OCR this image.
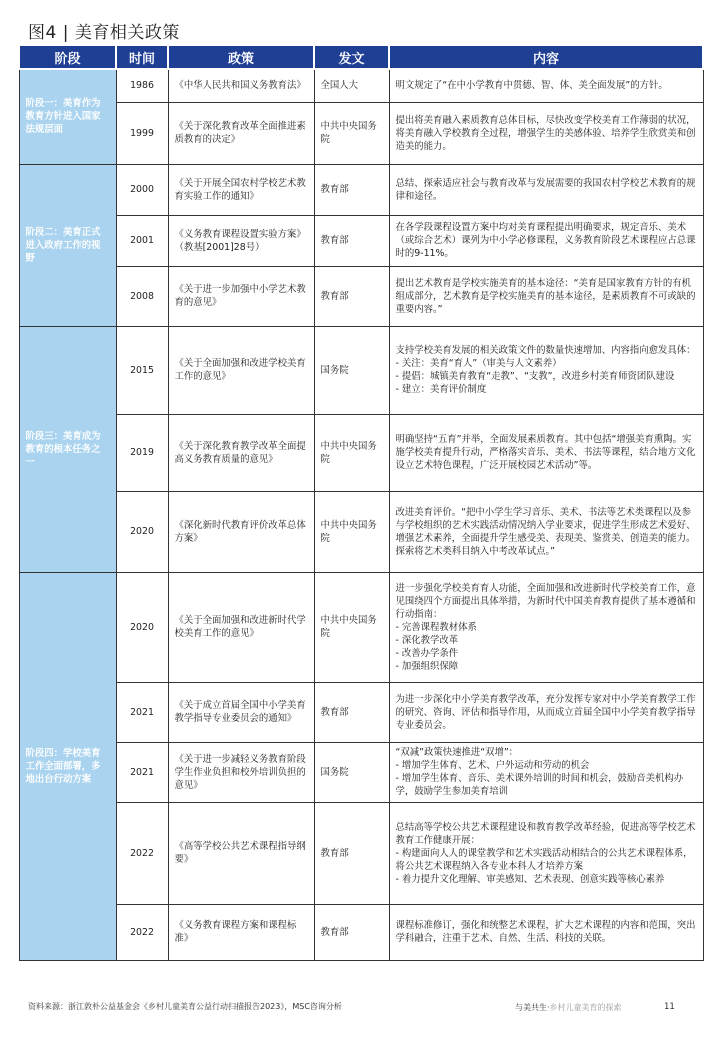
图4 | 美育相关政策
阶段	时间	政策	发文	内容
阶段一：美育作为教育方针进入国家法规层面	1986	《中华人民共和国义务教育法》	全国人大	明文规定了“在中小学教育中贯德、智、体、美全面发展”的方针。

	1999	《关于深化教育改革全面推进素质教育的决定》	中共中央国务院	提出将美育融入素质教育总体目标，尽快改变学校美育工作薄弱的状况，将美育融入学校教育全过程，增强学生的美感体验、培养学生欣赏美和创造美的能力。

阶段二：美育正式进入政府工作的视野	2000	《关于开展全国农村学校艺术教育实验工作的通知》	教育部	总结、探索适应社会与教育改革与发展需要的我国农村学校艺术教育的规律和途径。

	2001	《义务教育课程设置实验方案》（教基[2001]28号）	教育部	在各学段课程设置方案中均对美育课程提出明确要求，规定音乐、美术（或综合艺术）课列为中小学必修课程，义务教育阶段艺术课程应占总课时的9-11%。

	2008	《关于进一步加强中小学艺术教育的意见》	教育部	提出艺术教育是学校实施美育的基本途径：“美育是国家教育方针的有机组成部分，艺术教育是学校实施美育的基本途径，是素质教育不可或缺的重要内容。”

阶段三：美育成为教育的根本任务之一	2015	《关于全面加强和改进学校美育工作的意见》	国务院	支持学校美育发展的相关政策文件的数量快速增加、内容指向愈发具体：
- 关注：美育“育人”（审美与人文素养）
- 提倡：城镇美育教育“走教”、“支教”，改进乡村美育师资团队建设
- 建立：美育评价制度

	2019	《关于深化教育教学改革全面提高义务教育质量的意见》	中共中央国务院	明确坚持“五育”并举，全面发展素质教育。其中包括“增强美育熏陶。实施学校美育提升行动，严格落实音乐、美术、书法等课程，结合地方文化设立艺术特色课程，广泛开展校园艺术活动”等。

	2020	《深化新时代教育评价改革总体方案》	中共中央国务院	改进美育评价。“把中小学生学习音乐、美术、书法等艺术类课程以及参与学校组织的艺术实践活动情况纳入学业要求，促进学生形成艺术爱好、增强艺术素养，全面提升学生感受美、表现美、鉴赏美、创造美的能力。探索将艺术类科目纳入中考改革试点。”

阶段四：学校美育工作全面部署，多地出台行动方案	2020	《关于全面加强和改进新时代学校美育工作的意见》	中共中央国务院	进一步强化学校美育育人功能，全面加强和改进新时代学校美育工作，意见围绕四个方面提出具体举措，为新时代中国美育教育提供了基本遵循和行动指南：
- 完善课程教材体系
- 深化教学改革
- 改善办学条件
- 加强组织保障

	2021	《关于成立首届全国中小学美育教学指导专业委员会的通知》	教育部	为进一步深化中小学美育教学改革，充分发挥专家对中小学美育教学工作的研究、咨询、评估和指导作用，从而成立首届全国中小学美育教学指导专业委员会。

	2021	《关于进一步减轻义务教育阶段学生作业负担和校外培训负担的意见》	国务院	“双减”政策快速推进“双增”：
- 增加学生体育、艺术、户外运动和劳动的机会
- 增加学生体育、音乐、美术课外培训的时间和机会，鼓励音美机构办学，鼓励学生参加美育培训

	2022	《高等学校公共艺术课程指导纲要》	教育部	总结高等学校公共艺术课程建设和教育教学改革经验，促进高等学校艺术教育工作健康开展：
- 构建面向人人的课堂教学和艺术实践活动相结合的公共艺术课程体系，将公共艺术课程纳入各专业本科人才培养方案
- 着力提升文化理解、审美感知、艺术表现、创意实践等核心素养

	2022	《义务教育课程方案和课程标准》	教育部	课程标准修订，强化和统整艺术课程，扩大艺术课程的内容和范围，突出学科融合，注重于艺术、自然、生活、科技的关联。
资料来源：浙江敦朴公益基金会《乡村儿童美育公益行动扫描报告2023》，MSC咨询分析	与美共生·乡村儿童美育的探索	11
